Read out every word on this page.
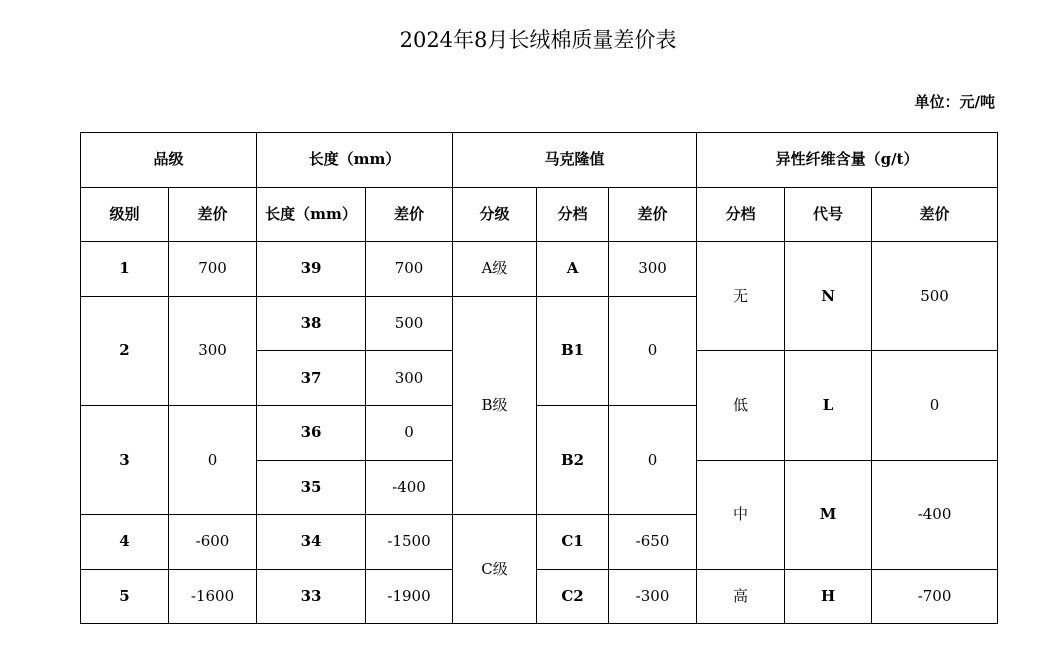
2024年8月长绒棉质量差价表
单位：元/吨
品级		长度（mm）		马克隆值			异性纤维含量（g/t）		
级别	差价	长度（mm）	差价	分级	分档	差价	分档	代号	差价
1	700	39	700	A级	A	300	无	N	500
2	300	38	500	B级	B1	0			
		37	300				低	L	0
3	0	36	0		B2	0			
		35	-400				中	M	-400
4	-600	34	-1500	C级	C1	-650			
5	-1600	33	-1900		C2	-300	高	H	-700
